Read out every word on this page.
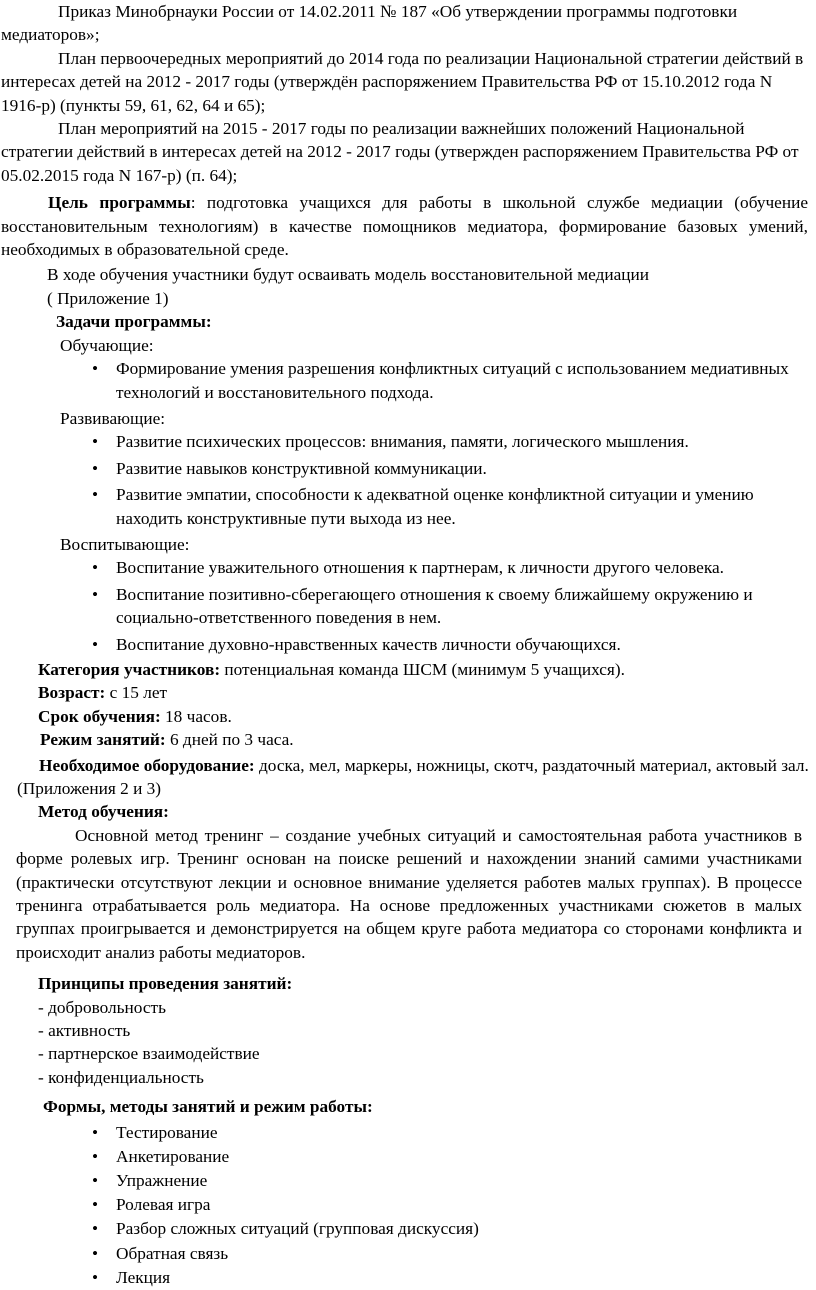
Приказ Минобрнауки России от 14.02.2011 № 187 «Об утверждении программы подготовки медиаторов»;

План первоочередных мероприятий до 2014 года по реализации Национальной стратегии действий в интересах детей на 2012 - 2017 годы (утверждён распоряжением Правительства РФ от 15.10.2012 года N 1916-р) (пункты 59, 61, 62, 64 и 65);

План мероприятий на 2015 - 2017 годы по реализации важнейших положений Национальной стратегии действий в интересах детей на 2012 - 2017 годы (утвержден распоряжением Правительства РФ от 05.02.2015 года N 167-р) (п. 64);

Цель программы: подготовка учащихся для работы в школьной службе медиации (обучение восстановительным технологиям) в качестве помощников медиатора, формирование базовых умений, необходимых в образовательной среде.

В ходе обучения участники будут осваивать модель восстановительной медиации

( Приложение 1)

Задачи программы:

Обучающие:

• Формирование умения разрешения конфликтных ситуаций с использованием медиативных технологий и восстановительного подхода.

Развивающие:

• Развитие психических процессов: внимания, памяти, логического мышления.
• Развитие навыков конструктивной коммуникации.
• Развитие эмпатии, способности к адекватной оценке конфликтной ситуации и умению находить конструктивные пути выхода из нее.

Воспитывающие:

• Воспитание уважительного отношения к партнерам, к личности другого человека.
• Воспитание позитивно-сберегающего отношения к своему ближайшему окружению и социально-ответственного поведения в нем.
• Воспитание духовно-нравственных качеств личности обучающихся.

Категория участников: потенциальная команда ШСМ (минимум 5 учащихся).

Возраст: с 15 лет

Срок обучения: 18 часов.

Режим занятий: 6 дней по 3 часа.

Необходимое оборудование: доска, мел, маркеры, ножницы, скотч, раздаточный материал, актовый зал. (Приложения 2 и 3)

Метод обучения:

Основной метод тренинг – создание учебных ситуаций и самостоятельная работа участников в форме ролевых игр. Тренинг основан на поиске решений и нахождении знаний самими участниками (практически отсутствуют лекции и основное внимание уделяется работев малых группах). В процессе тренинга отрабатывается роль медиатора. На основе предложенных участниками сюжетов в малых группах проигрывается и демонстрируется на общем круге работа медиатора со сторонами конфликта и происходит анализ работы медиаторов.

Принципы проведения занятий:

- добровольность

- активность

- партнерское взаимодействие

- конфиденциальность

Формы, методы занятий и режим работы:

• Тестирование
• Анкетирование
• Упражнение
• Ролевая игра
• Разбор сложных ситуаций (групповая дискуссия)
• Обратная связь
• Лекция
